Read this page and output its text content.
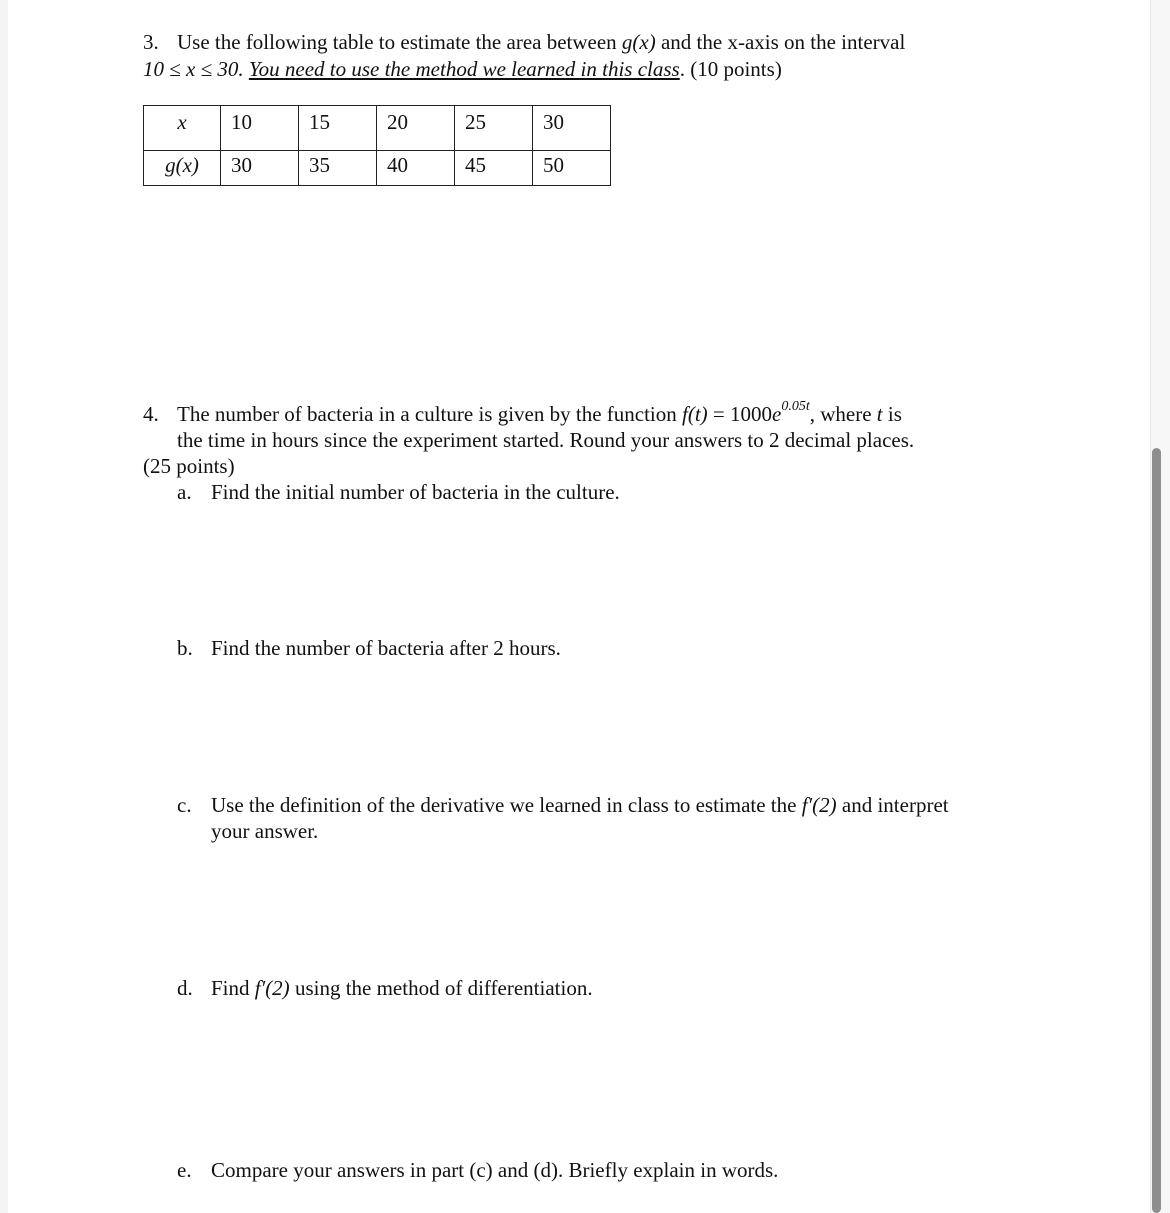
3. Use the following table to estimate the area between g(x) and the x-axis on the interval
10 ≤ x ≤ 30. You need to use the method we learned in this class. (10 points)
x	10	15	20	25	30
g(x)	30	35	40	45	50
4. The number of bacteria in a culture is given by the function $f(t) = 1000e^{0.05t}$, where t is
the time in hours since the experiment started. Round your answers to 2 decimal places.
(25 points)
a. Find the initial number of bacteria in the culture.
b. Find the number of bacteria after 2 hours.
c. Use the definition of the derivative we learned in class to estimate the f′(2) and interpret
your answer.
d. Find f′(2) using the method of differentiation.
e. Compare your answers in part (c) and (d). Briefly explain in words.
